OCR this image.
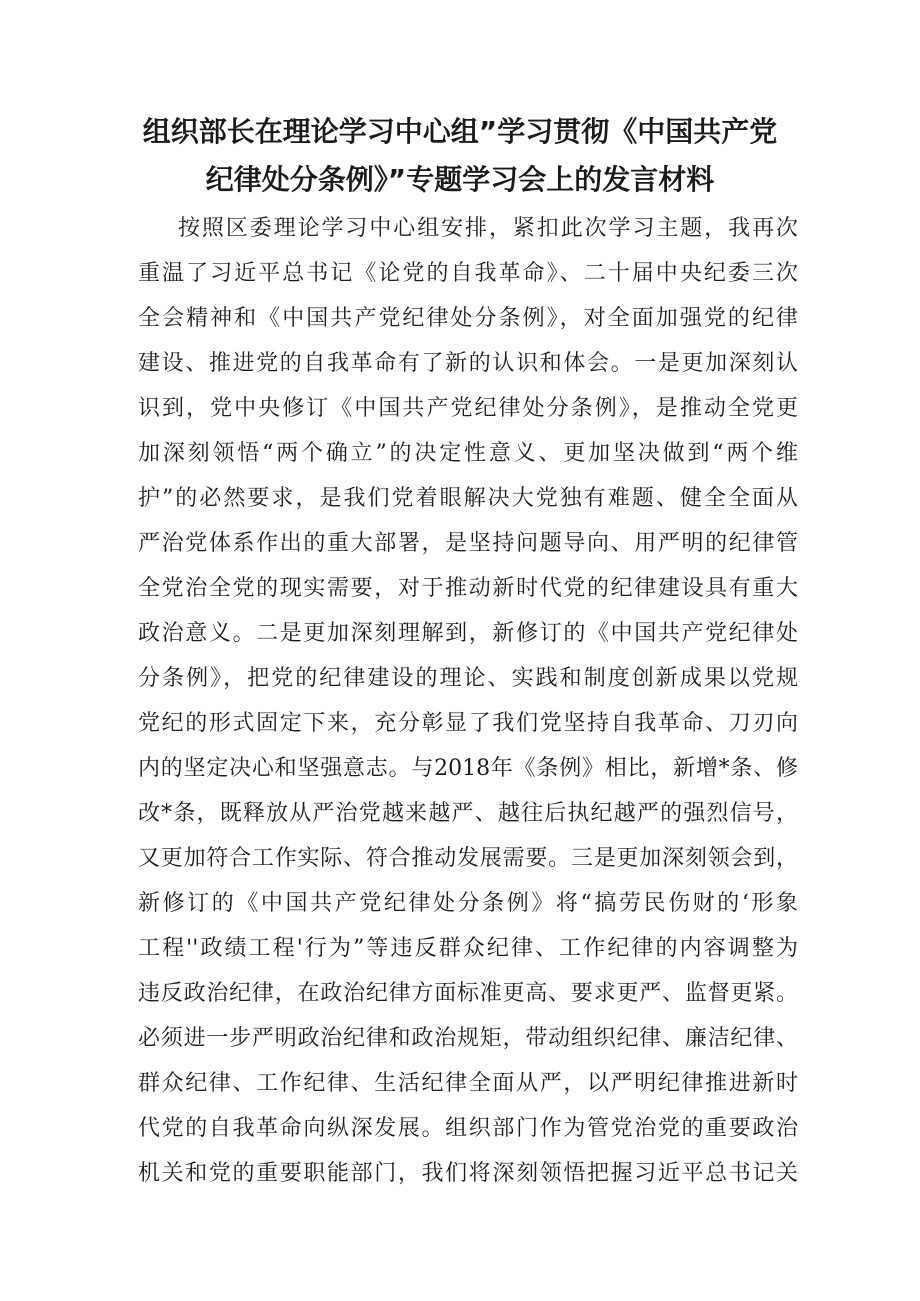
组织部长在理论学习中心组”学习贯彻《中国共产党
纪律处分条例》”专题学习会上的发言材料
按照区委理论学习中心组安排，紧扣此次学习主题，我再次
重温了习近平总书记《论党的自我革命》、二十届中央纪委三次
全会精神和《中国共产党纪律处分条例》，对全面加强党的纪律
建设、推进党的自我革命有了新的认识和体会。一是更加深刻认
识到，党中央修订《中国共产党纪律处分条例》，是推动全党更
加深刻领悟“两个确立”的决定性意义、更加坚决做到“两个维
护”的必然要求，是我们党着眼解决大党独有难题、健全全面从
严治党体系作出的重大部署，是坚持问题导向、用严明的纪律管
全党治全党的现实需要，对于推动新时代党的纪律建设具有重大
政治意义。二是更加深刻理解到，新修订的《中国共产党纪律处
分条例》，把党的纪律建设的理论、实践和制度创新成果以党规
党纪的形式固定下来，充分彰显了我们党坚持自我革命、刀刃向
内的坚定决心和坚强意志。与2018年《条例》相比，新增*条、修
改*条，既释放从严治党越来越严、越往后执纪越严的强烈信号，
又更加符合工作实际、符合推动发展需要。三是更加深刻领会到，
新修订的《中国共产党纪律处分条例》将“搞劳民伤财的‘形象
工程''政绩工程'行为”等违反群众纪律、工作纪律的内容调整为
违反政治纪律，在政治纪律方面标准更高、要求更严、监督更紧。
必须进一步严明政治纪律和政治规矩，带动组织纪律、廉洁纪律、
群众纪律、工作纪律、生活纪律全面从严，以严明纪律推进新时
代党的自我革命向纵深发展。组织部门作为管党治党的重要政治
机关和党的重要职能部门，我们将深刻领悟把握习近平总书记关
